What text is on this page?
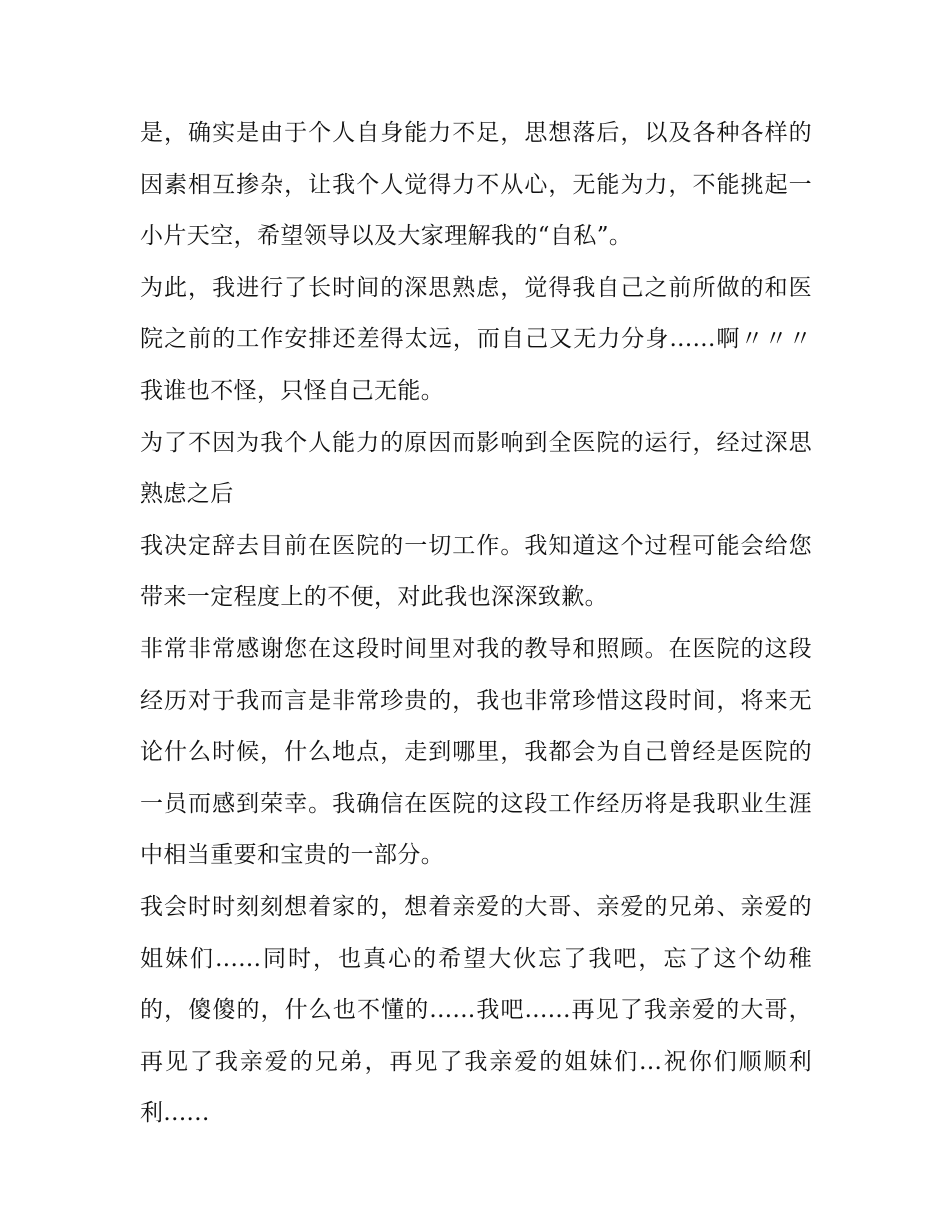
是，确实是由于个人自身能力不足，思想落后，以及各种各样的因素相互掺杂，让我个人觉得力不从心，无能为力，不能挑起一小片天空，希望领导以及大家理解我的“自私”。

为此，我进行了长时间的深思熟虑，觉得我自己之前所做的和医院之前的工作安排还差得太远，而自己又无力分身......啊〃〃〃我谁也不怪，只怪自己无能。

为了不因为我个人能力的原因而影响到全医院的运行，经过深思熟虑之后

我决定辞去目前在医院的一切工作。我知道这个过程可能会给您带来一定程度上的不便，对此我也深深致歉。

非常非常感谢您在这段时间里对我的教导和照顾。在医院的这段经历对于我而言是非常珍贵的，我也非常珍惜这段时间，将来无论什么时候，什么地点，走到哪里，我都会为自己曾经是医院的一员而感到荣幸。我确信在医院的这段工作经历将是我职业生涯中相当重要和宝贵的一部分。

我会时时刻刻想着家的，想着亲爱的大哥、亲爱的兄弟、亲爱的姐妹们......同时，也真心的希望大伙忘了我吧，忘了这个幼稚的，傻傻的，什么也不懂的......我吧......再见了我亲爱的大哥，再见了我亲爱的兄弟，再见了我亲爱的姐妹们...祝你们顺顺利利......
